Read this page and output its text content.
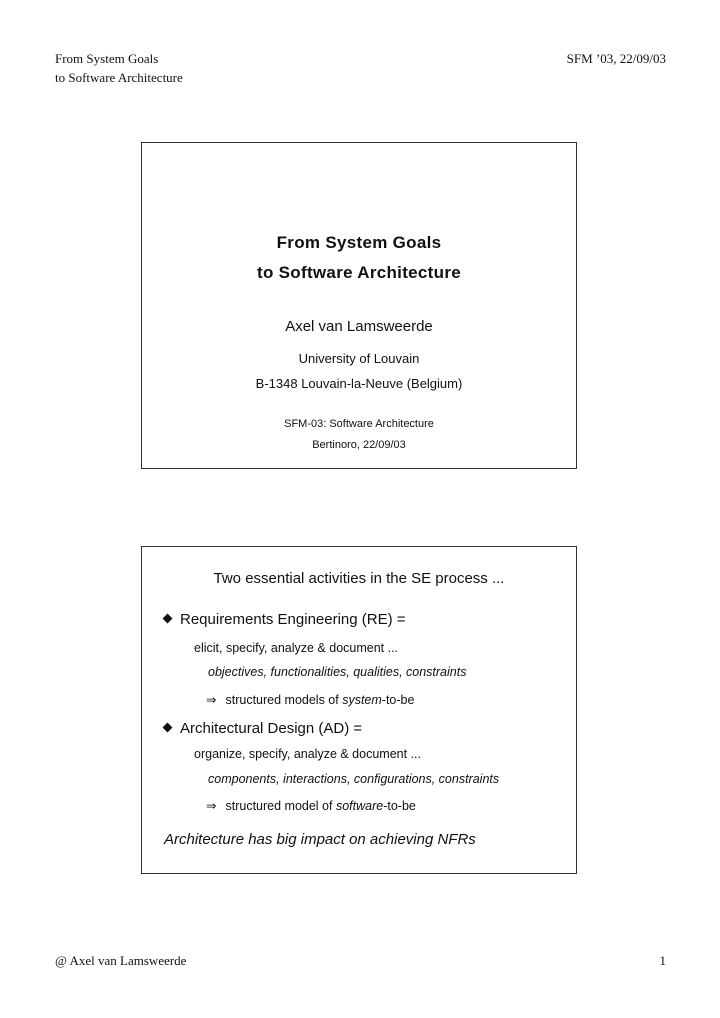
From System Goals
to Software Architecture
SFM ’03, 22/09/03
From System Goals
to Software Architecture
Axel van Lamsweerde
University of Louvain
B-1348 Louvain-la-Neuve (Belgium)
SFM-03: Software Architecture
Bertinoro, 22/09/03
Two essential activities in the SE process ...
Requirements Engineering (RE) =
elicit, specify, analyze & document ...
objectives, functionalities, qualities, constraints
⇒ structured models of system-to-be
Architectural Design (AD) =
organize, specify, analyze & document ...
components, interactions, configurations, constraints
⇒ structured model of software-to-be
Architecture has big impact on achieving NFRs
@ Axel van Lamsweerde	1
